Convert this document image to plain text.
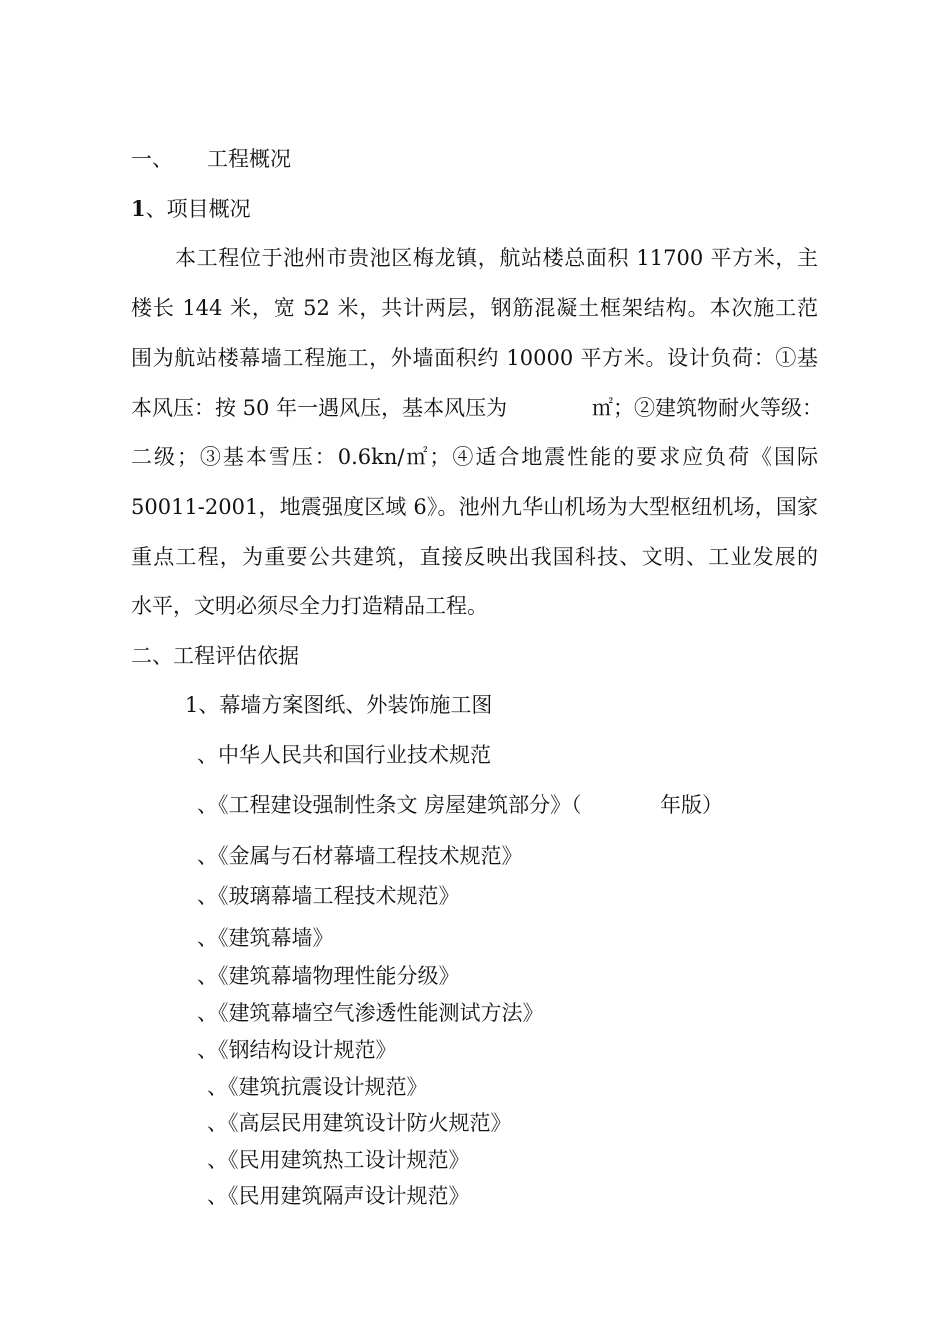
一、 工程概况
1、项目概况
本工程位于池州市贵池区梅龙镇，航站楼总面积 11700 平方米，主
楼长 144 米，宽 52 米，共计两层，钢筋混凝土框架结构。本次施工范
围为航站楼幕墙工程施工，外墙面积约 10000 平方米。设计负荷：①基
本风压：按 50 年一遇风压，基本风压为	㎡；②建筑物耐火等级：
二级；③基本雪压：0.6kn/㎡；④适合地震性能的要求应负荷《国际
50011-2001，地震强度区域 6》。池州九华山机场为大型枢纽机场，国家
重点工程，为重要公共建筑，直接反映出我国科技、文明、工业发展的
水平，文明必须尽全力打造精品工程。
二、工程评估依据
1、幕墙方案图纸、外装饰施工图
、中华人民共和国行业技术规范
、《工程建设强制性条文 房屋建筑部分》（	年版）
、《金属与石材幕墙工程技术规范》
、《玻璃幕墙工程技术规范》
、《建筑幕墙》
、《建筑幕墙物理性能分级》
、《建筑幕墙空气渗透性能测试方法》
、《钢结构设计规范》
、《建筑抗震设计规范》
、《高层民用建筑设计防火规范》
、《民用建筑热工设计规范》
、《民用建筑隔声设计规范》
